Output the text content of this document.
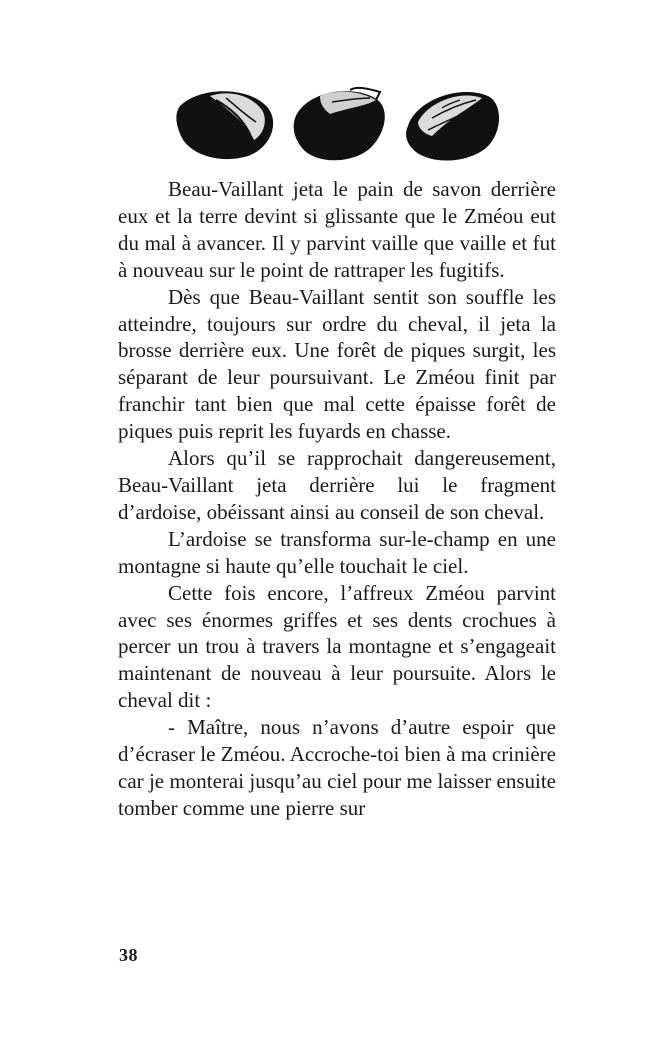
Beau-Vaillant jeta le pain de savon derrière eux et la terre devint si glissante que le Zméou eut du mal à avancer. Il y parvint vaille que vaille et fut à nouveau sur le point de rattraper les fugitifs.

Dès que Beau-Vaillant sentit son souffle les atteindre, toujours sur ordre du cheval, il jeta la brosse derrière eux. Une forêt de piques surgit, les séparant de leur poursuivant. Le Zméou finit par franchir tant bien que mal cette épaisse forêt de piques puis reprit les fuyards en chasse.

Alors qu’il se rapprochait dangereusement, Beau-Vaillant jeta derrière lui le fragment d’ardoise, obéissant ainsi au conseil de son cheval.

L’ardoise se transforma sur-le-champ en une montagne si haute qu’elle touchait le ciel.

Cette fois encore, l’affreux Zméou parvint avec ses énormes griffes et ses dents crochues à percer un trou à travers la montagne et s’engageait maintenant de nouveau à leur poursuite. Alors le cheval dit :

- Maître, nous n’avons d’autre espoir que d’écraser le Zméou. Accroche-toi bien à ma crinière car je monterai jusqu’au ciel pour me laisser ensuite tomber comme une pierre sur

38
